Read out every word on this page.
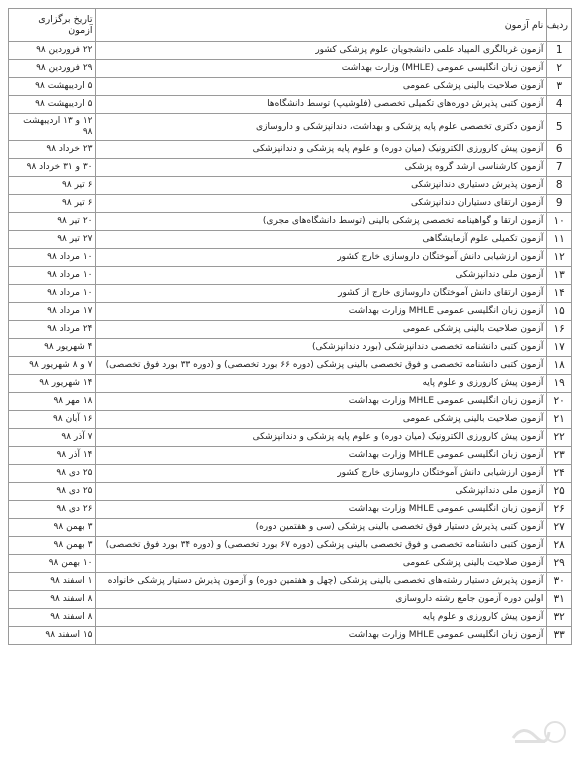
ردیف	نام آزمون	تاریخ برگزاری آزمون
1	آزمون غربالگری المپیاد علمی دانشجویان علوم پزشکی کشور	۲۲ فروردین ۹۸
۲	آزمون زبان انگلیسی عمومی (MHLE) وزارت بهداشت	۲۹ فروردین ۹۸
۳	آزمون صلاحیت بالینی پزشکی عمومی	۵ اردیبهشت ۹۸
4	آزمون کتبی پذیرش دوره‌های تکمیلی تخصصی (فلوشیپ) توسط دانشگاه‌ها	۵ اردیبهشت ۹۸
5	آزمون دکتری تخصصی علوم پایه پزشکی و بهداشت، دندانپزشکی و داروسازی	۱۲ و ۱۳ اردیبهشت ۹۸
6	آزمون پیش کارورزی الکترونیک (میان دوره) و علوم پایه پزشکی و دندانپزشکی	۲۳ خرداد ۹۸
7	آزمون کارشناسی ارشد گروه پزشکی	۳۰ و ۳۱ خرداد ۹۸
8	آزمون پذیرش دستیاری دندانپزشکی	۶ تیر ۹۸
9	آزمون ارتقای دستیاران دندانپزشکی	۶ تیر ۹۸
۱۰	آزمون ارتقا و گواهینامه تخصصی پزشکی بالینی (توسط دانشگاه‌های مجری)	۲۰ تیر ۹۸
۱۱	آزمون تکمیلی علوم آزمایشگاهی	۲۷ تیر ۹۸
۱۲	آزمون ارزشیابی دانش آموختگان داروسازی خارج کشور	۱۰ مرداد ۹۸
۱۳	آزمون ملی دندانپزشکی	۱۰ مرداد ۹۸
۱۴	آزمون ارتقای دانش آموختگان داروسازی خارج از کشور	۱۰ مرداد ۹۸
۱۵	آزمون زبان انگلیسی عمومی MHLE وزارت بهداشت	۱۷ مرداد ۹۸
۱۶	آزمون صلاحیت بالینی پزشکی عمومی	۲۴ مرداد ۹۸
۱۷	آزمون کتبی دانشنامه تخصصی دندانپزشکی (بورد دندانپزشکی)	۴ شهریور ۹۸
۱۸	آزمون کتبی دانشنامه تخصصی و فوق تخصصی بالینی پزشکی (دوره ۶۶ بورد تخصصی) و (دوره ۳۳ بورد فوق تخصصی)	۷ و ۸ شهریور ۹۸
۱۹	آزمون پیش کارورزی و علوم پایه	۱۴ شهریور ۹۸
۲۰	آزمون زبان انگلیسی عمومی MHLE وزارت بهداشت	۱۸ مهر ۹۸
۲۱	آزمون صلاحیت بالینی پزشکی عمومی	۱۶ آبان ۹۸
۲۲	آزمون پیش کارورزی الکترونیک (میان دوره) و علوم پایه پزشکی و دندانپزشکی	۷ آذر ۹۸
۲۳	آزمون زبان انگلیسی عمومی MHLE وزارت بهداشت	۱۴ آذر ۹۸
۲۴	آزمون ارزشیابی دانش آموختگان داروسازی خارج کشور	۲۵ دی ۹۸
۲۵	آزمون ملی دندانپزشکی	۲۵ دی ۹۸
۲۶	آزمون زبان انگلیسی عمومی MHLE وزارت بهداشت	۲۶ دی ۹۸
۲۷	آزمون کتبی پذیرش دستیار فوق تخصصی بالینی پزشکی (سی و هفتمین دوره)	۳ بهمن ۹۸
۲۸	آزمون کتبی دانشنامه تخصصی و فوق تخصصی بالینی پزشکی (دوره ۶۷ بورد تخصصی) و (دوره ۳۴ بورد فوق تخصصی)	۳ بهمن ۹۸
۲۹	آزمون صلاحیت بالینی پزشکی عمومی	۱۰ بهمن ۹۸
۳۰	آزمون پذیرش دستیار رشته‌های تخصصی بالینی پزشکی (چهل و هفتمین دوره) و آزمون پذیرش دستیار پزشکی خانواده	۱ اسفند ۹۸
۳۱	اولین دوره آزمون جامع رشته داروسازی	۸ اسفند ۹۸
۳۲	آزمون پیش کارورزی و علوم پایه	۸ اسفند ۹۸
۳۳	آزمون زبان انگلیسی عمومی MHLE وزارت بهداشت	۱۵ اسفند ۹۸
